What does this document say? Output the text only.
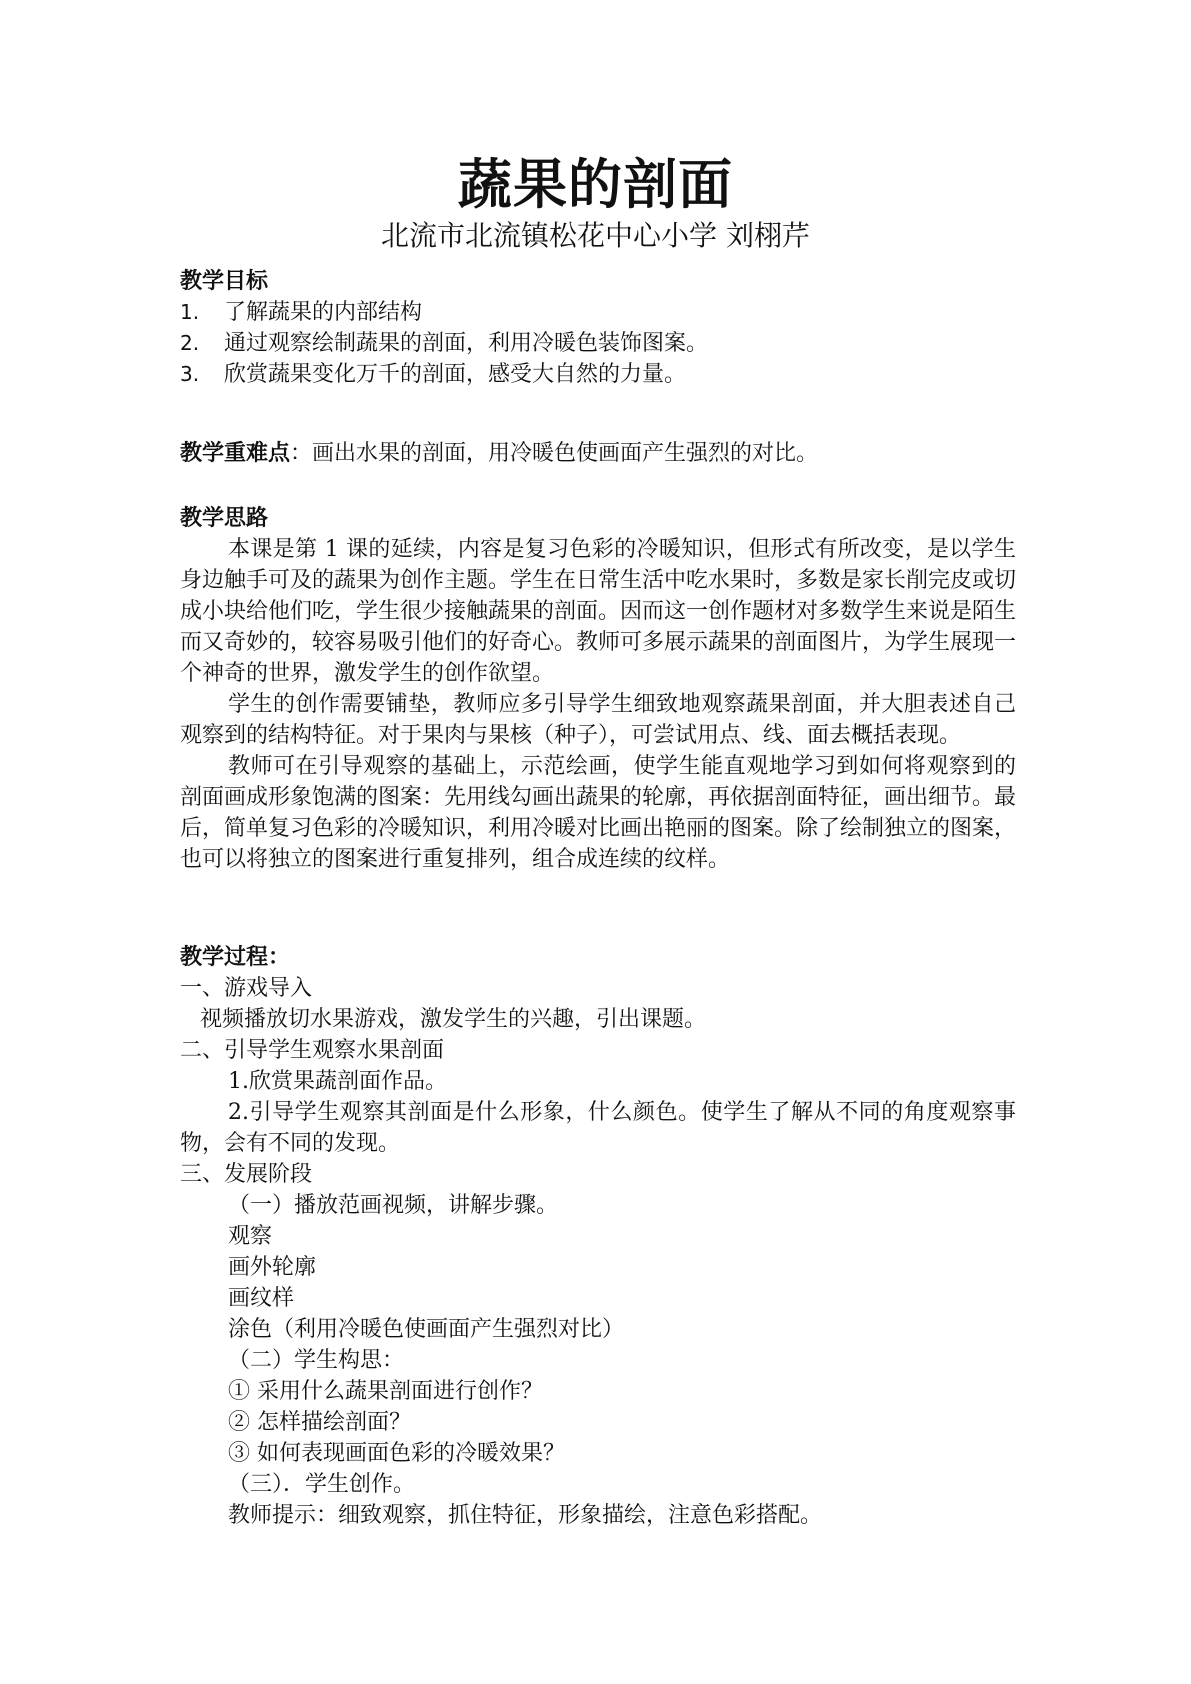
蔬果的剖面
北流市北流镇松花中心小学 刘栩芹
教学目标
1.	了解蔬果的内部结构
2.	通过观察绘制蔬果的剖面，利用冷暖色装饰图案。
3.	欣赏蔬果变化万千的剖面，感受大自然的力量。
教学重难点：画出水果的剖面，用冷暖色使画面产生强烈的对比。
教学思路

本课是第 1 课的延续，内容是复习色彩的冷暖知识，但形式有所改变，是以学生身边触手可及的蔬果为创作主题。学生在日常生活中吃水果时，多数是家长削完皮或切成小块给他们吃，学生很少接触蔬果的剖面。因而这一创作题材对多数学生来说是陌生而又奇妙的，较容易吸引他们的好奇心。教师可多展示蔬果的剖面图片，为学生展现一个神奇的世界，激发学生的创作欲望。

学生的创作需要铺垫，教师应多引导学生细致地观察蔬果剖面，并大胆表述自己观察到的结构特征。对于果肉与果核（种子），可尝试用点、线、面去概括表现。

教师可在引导观察的基础上，示范绘画，使学生能直观地学习到如何将观察到的剖面画成形象饱满的图案：先用线勾画出蔬果的轮廓，再依据剖面特征，画出细节。最后，简单复习色彩的冷暖知识，利用冷暖对比画出艳丽的图案。除了绘制独立的图案，也可以将独立的图案进行重复排列，组合成连续的纹样。

教学过程：
一、游戏导入
视频播放切水果游戏，激发学生的兴趣，引出课题。
二、引导学生观察水果剖面
1.欣赏果蔬剖面作品。

2.引导学生观察其剖面是什么形象，什么颜色。使学生了解从不同的角度观察事物，会有不同的发现。

三、发展阶段
（一）播放范画视频，讲解步骤。
观察
画外轮廓
画纹样
涂色（利用冷暖色使画面产生强烈对比）
（二）学生构思：
① 采用什么蔬果剖面进行创作？
② 怎样描绘剖面？
③ 如何表现画面色彩的冷暖效果？
（三）．学生创作。
教师提示：细致观察，抓住特征，形象描绘，注意色彩搭配。
